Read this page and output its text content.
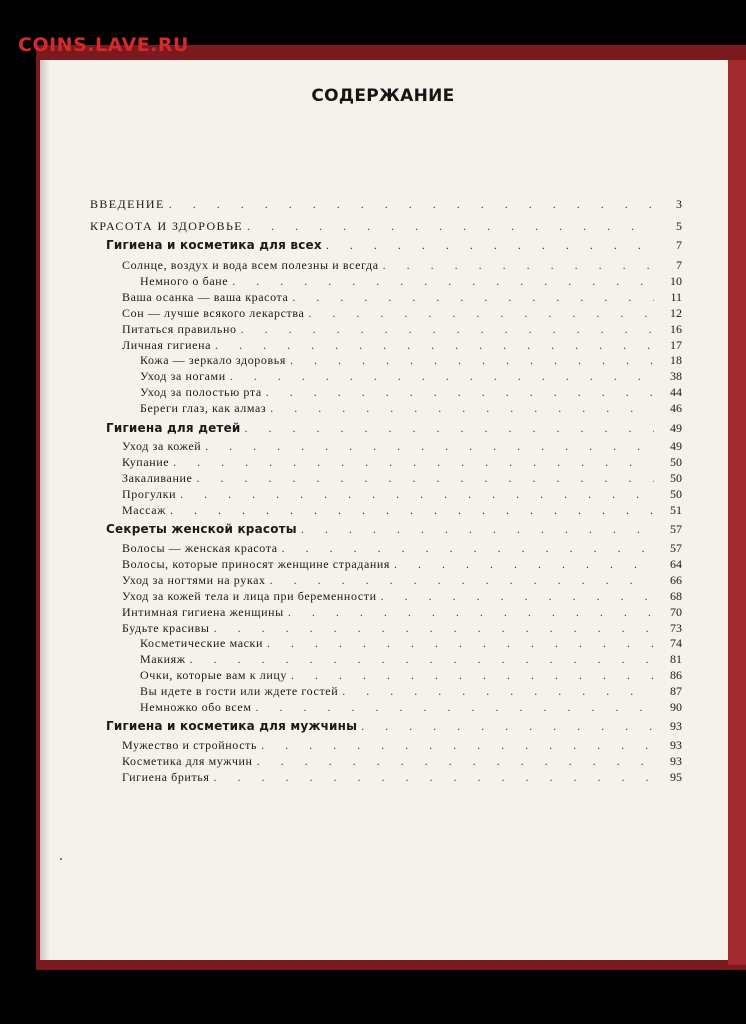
COINS.LAVE.RU
СОДЕРЖАНИЕ
ВВЕДЕНИЕ . . .	3
КРАСОТА И ЗДОРОВЬЕ . . .	5
Гигиена и косметика для всех . . .	7
Солнце, воздух и вода всем полезны и всегда . . .	7
Немного о бане . . .	10
Ваша осанка — ваша красота . . .	11
Сон — лучше всякого лекарства . . .	12
Питаться правильно . . .	16
Личная гигиена . . .	17
Кожа — зеркало здоровья . . .	18
Уход за ногами . . .	38
Уход за полостью рта . . .	44
Береги глаз, как алмаз . . .	46
Гигиена для детей . . .	49
Уход за кожей . . .	49
Купание . . .	50
Закаливание . . .	50
Прогулки . . .	50
Массаж . . .	51
Секреты женской красоты . . .	57
Волосы — женская красота . . .	57
Волосы, которые приносят женщине страдания . . .	64
Уход за ногтями на руках . . .	66
Уход за кожей тела и лица при беременности . . .	68
Интимная гигиена женщины . . .	70
Будьте красивы . . .	73
Косметические маски . . .	74
Макияж . . .	81
Очки, которые вам к лицу . . .	86
Вы идете в гости или ждете гостей . . .	87
Немножко обо всем . . .	90
Гигиена и косметика для мужчины . . .	93
Мужество и стройность . . .	93
Косметика для мужчин . . .	93
Гигиена бритья . . .	95
